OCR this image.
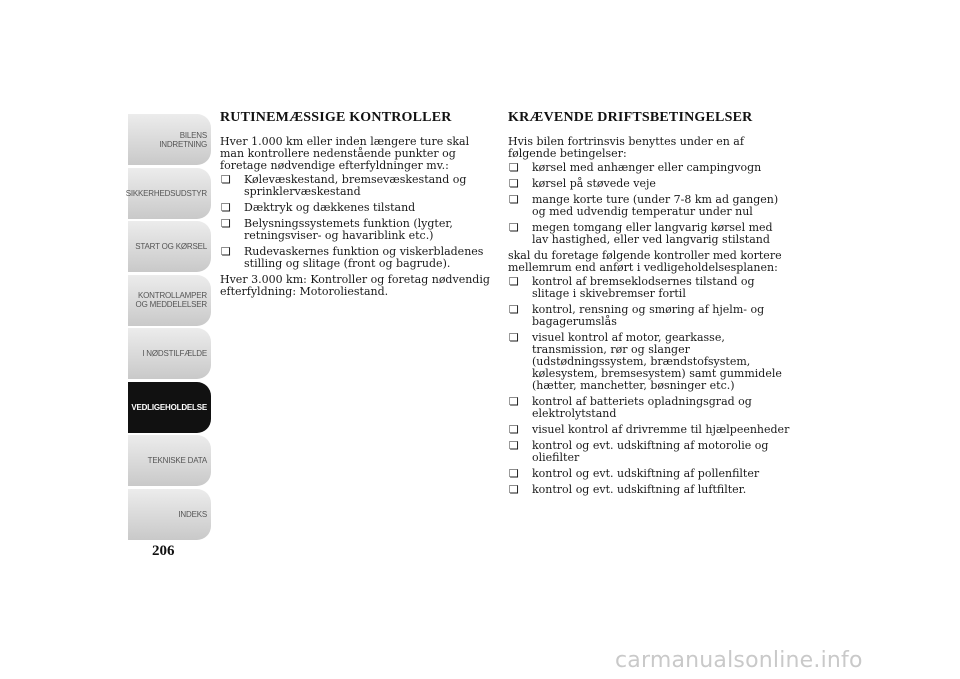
BILENS
INDRETNING
SIKKERHEDSUDSTYR
START OG KØRSEL
KONTROLLAMPER
OG MEDDELELSER
I NØDSTILFÆLDE
VEDLIGEHOLDELSE
TEKNISKE DATA
INDEKS
206
RUTINEMÆSSIGE KONTROLLER

Hver 1.000 km eller inden længere ture skal man kontrollere nedenstående punkter og foretage nødvendige efterfyldninger mv.:

❏ Kølevæskestand, bremsevæskestand og sprinklervæskestand
❏ Dæktryk og dækkenes tilstand
❏ Belysningssystemets funktion (lygter, retningsviser- og havariblink etc.)
❏ Rudevaskernes funktion og viskerbladenes stilling og slitage (front og bagrude).

Hver 3.000 km: Kontroller og foretag nødvendig efterfyldning: Motoroliestand.

KRÆVENDE DRIFTSBETINGELSER

Hvis bilen fortrinsvis benyttes under en af følgende betingelser:

❏ kørsel med anhænger eller campingvogn
❏ kørsel på støvede veje
❏ mange korte ture (under 7-8 km ad gangen) og med udvendig temperatur under nul
❏ megen tomgang eller langvarig kørsel med lav hastighed, eller ved langvarig stilstand

skal du foretage følgende kontroller med kortere mellemrum end anført i vedligeholdelsesplanen:

❏ kontrol af bremseklodsernes tilstand og slitage i skivebremser fortil
❏ kontrol, rensning og smøring af hjelm- og bagagerumslås
❏ visuel kontrol af motor, gearkasse, transmission, rør og slanger (udstødningssystem, brændstofsystem, kølesystem, bremsesystem) samt gummidele (hætter, manchetter, bøsninger etc.)
❏ kontrol af batteriets opladningsgrad og elektrolytstand
❏ visuel kontrol af drivremme til hjælpeenheder
❏ kontrol og evt. udskiftning af motorolie og oliefilter
❏ kontrol og evt. udskiftning af pollenfilter
❏ kontrol og evt. udskiftning af luftfilter.
carmanualsonline.info
